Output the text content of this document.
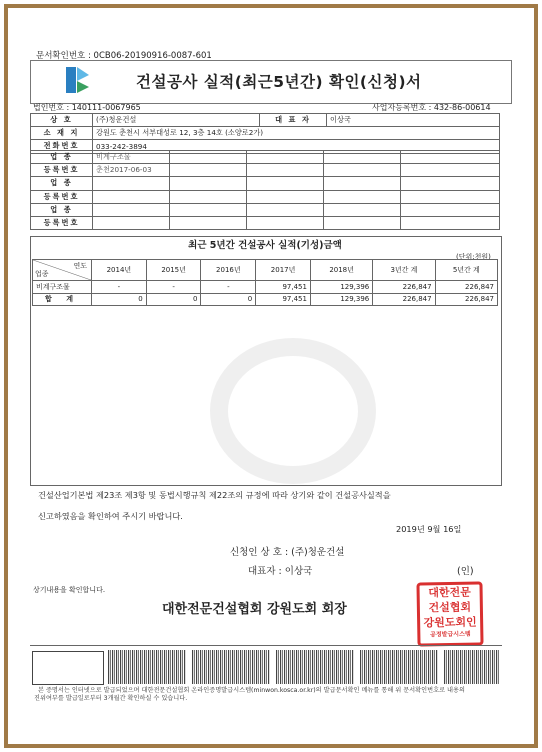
문서확인번호 : 0CB06-20190916-0087-601
건설공사 실적(최근5년간) 확인(신청)서
법인번호 : 140111-0067965	사업자등록번호 : 432-86-00614
상 호	(주)청운건설	대 표 자	이상국
소 재 지	강원도 춘천시 서부대성로 12, 3층 14호 (소양로2가)		
전화번호	033-242-3894		
업 종	비계구조물				
등록번호	춘천2017-06-03				
업 종					
등록번호					
업 종					
등록번호					
최근 5년간 건설공사 실적(기성)금액
(단위:천원)
연도
업종	2014년	2015년	2016년	2017년	2018년	3년간 계	5년간 계
비계구조물	-	-	-	97,451	129,396	226,847	226,847
합 계	0	0	0	97,451	129,396	226,847	226,847
건설산업기본법 제23조 제3항 및 동법시행규칙 제22조의 규정에 따라 상기와 같이 건설공사실적을
신고하였음을 확인하여 주시기 바랍니다.
2019년 9월 16일
신청인 상 호 : (주)청운건설
대표자 : 이상국	(인)
상기내용을 확인합니다.
대한전문건설협회 강원도회 회장
대한전문
건설협회
강원도회인
공정발급시스템
본 증명서는 인터넷으로 발급되었으며 대한전문건설협회 온라인증명발급시스템(minwon.kosca.or.kr)의 발급문서확인 메뉴를 통해 위 문서확인번호로 내용의
진위여부를 발급일로부터 3개월간 확인하실 수 있습니다.
